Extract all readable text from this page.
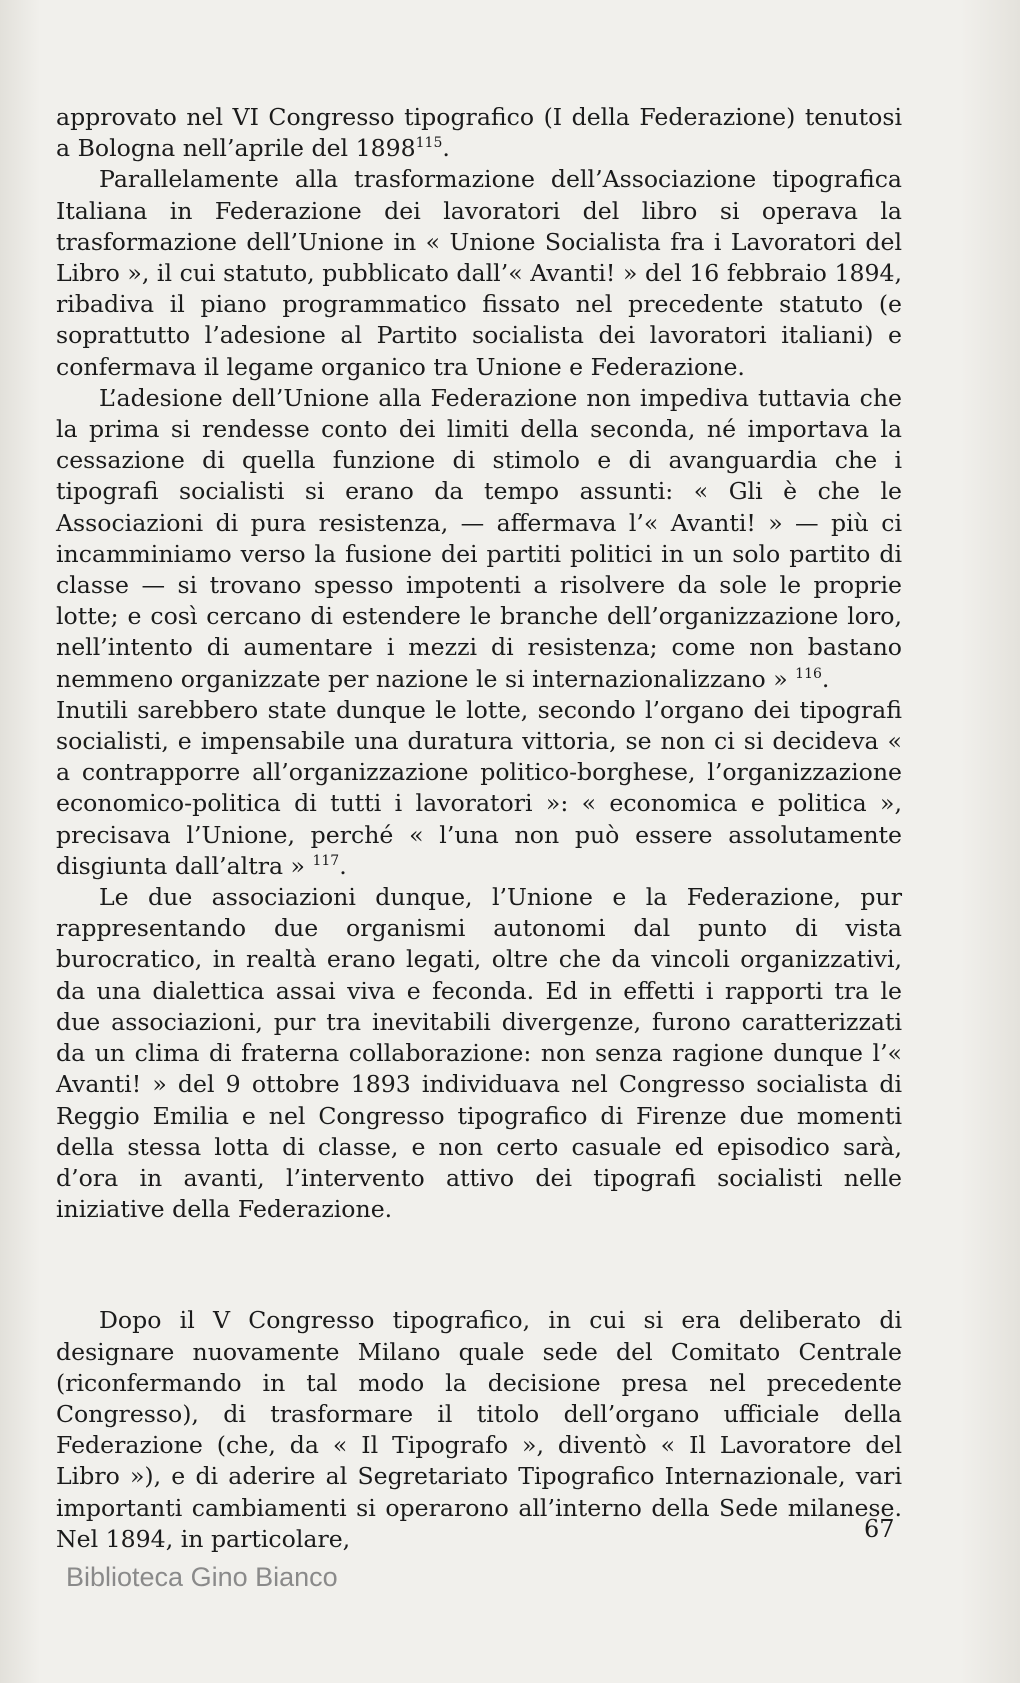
approvato nel VI Congresso tipografico (I della Federazione) tenutosi a Bologna nell’aprile del 1898$^{115}$.

Parallelamente alla trasformazione dell’Associazione tipografica Italiana in Federazione dei lavoratori del libro si operava la trasformazione dell’Unione in « Unione Socialista fra i Lavoratori del Libro », il cui statuto, pubblicato dall’« Avanti! » del 16 febbraio 1894, ribadiva il piano programmatico fissato nel precedente statuto (e soprattutto l’adesione al Partito socialista dei lavoratori italiani) e confermava il legame organico tra Unione e Federazione.

L’adesione dell’Unione alla Federazione non impediva tuttavia che la prima si rendesse conto dei limiti della seconda, né importava la cessazione di quella funzione di stimolo e di avanguardia che i tipografi socialisti si erano da tempo assunti: « Gli è che le Associazioni di pura resistenza, — affermava l’« Avanti! » — più ci incamminiamo verso la fusione dei partiti politici in un solo partito di classe — si trovano spesso impotenti a risolvere da sole le proprie lotte; e così cercano di estendere le branche dell’organizzazione loro, nell’intento di aumentare i mezzi di resistenza; come non bastano nemmeno organizzate per nazione le si internazionalizzano » $^{116}$.

Inutili sarebbero state dunque le lotte, secondo l’organo dei tipografi socialisti, e impensabile una duratura vittoria, se non ci si decideva « a contrapporre all’organizzazione politico-borghese, l’organizzazione economico-politica di tutti i lavoratori »: « economica e politica », precisava l’Unione, perché « l’una non può essere assolutamente disgiunta dall’altra » $^{117}$.

Le due associazioni dunque, l’Unione e la Federazione, pur rappresentando due organismi autonomi dal punto di vista burocratico, in realtà erano legati, oltre che da vincoli organizzativi, da una dialettica assai viva e feconda. Ed in effetti i rapporti tra le due associazioni, pur tra inevitabili divergenze, furono caratterizzati da un clima di fraterna collaborazione: non senza ragione dunque l’« Avanti! » del 9 ottobre 1893 individuava nel Congresso socialista di Reggio Emilia e nel Congresso tipografico di Firenze due momenti della stessa lotta di classe, e non certo casuale ed episodico sarà, d’ora in avanti, l’intervento attivo dei tipografi socialisti nelle iniziative della Federazione.

Dopo il V Congresso tipografico, in cui si era deliberato di designare nuovamente Milano quale sede del Comitato Centrale (riconfermando in tal modo la decisione presa nel precedente Congresso), di trasformare il titolo dell’organo ufficiale della Federazione (che, da « Il Tipografo », diventò « Il Lavoratore del Libro »), e di aderire al Segretariato Tipografico Internazionale, vari importanti cambiamenti si operarono all’interno della Sede milanese. Nel 1894, in particolare,	67
Biblioteca Gino Bianco
